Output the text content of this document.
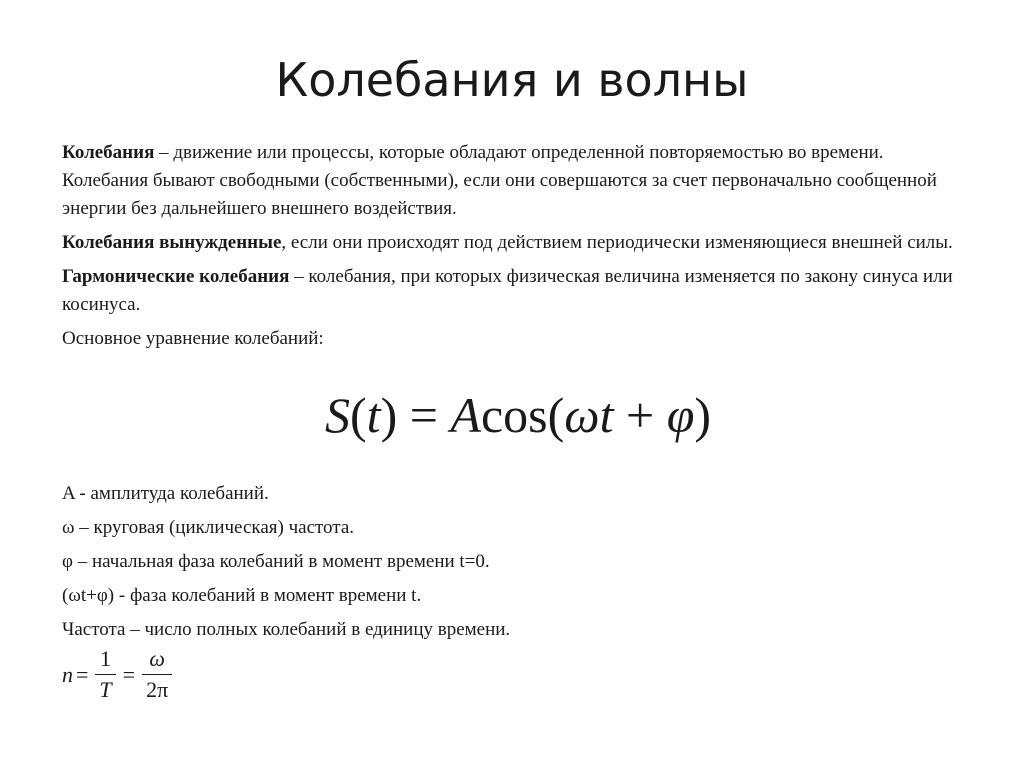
Колебания и волны

Колебания – движение или процессы, которые обладают определенной повторяемостью во времени. Колебания бывают свободными (собственными), если они совершаются за счет первоначально сообщенной энергии без дальнейшего внешнего воздействия.

Колебания вынужденные, если они происходят под действием периодически изменяющиеся внешней силы.

Гармонические колебания – колебания, при которых физическая величина изменяется по закону синуса или косинуса.

Основное уравнение колебаний:

S(t) = Acos(ωt + φ)
A - амплитуда колебаний.
ω – круговая (циклическая) частота.
φ – начальная фаза колебаний в момент времени t=0.
(ωt+φ) - фаза колебаний в момент времени t.
Частота – число полных колебаний в единицу времени.
$n = \frac{1}{T} = \frac{\omega}{2\pi}$
